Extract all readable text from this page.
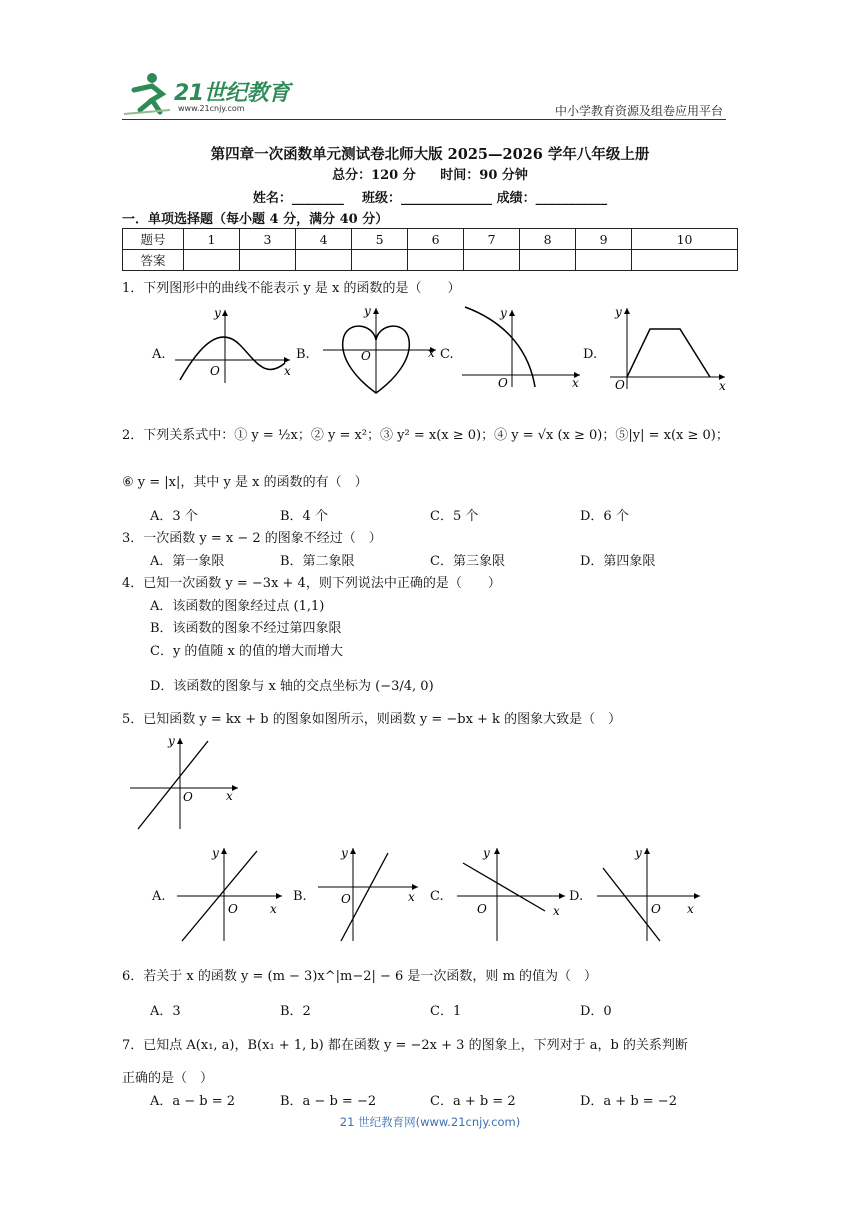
21世纪教育
www.21cnjy.com	中小学教育资源及组卷应用平台
第四章一次函数单元测试卷北师大版 2025—2026 学年八年级上册
总分：120 分 时间：90 分钟
姓名：________ 班级：______________ 成绩：___________
一．单项选择题（每小题 4 分，满分 40 分）
题号	1	3	4	5	6	7	8	9	10
答案									
1．下列图形中的曲线不能表示 y 是 x 的函数的是（　　）
A.	B.	C.	D.
y
x
O
y
x
O
y
x
O
y
x
O
2．下列关系式中：① y = ½x；② y = x²；③ y² = x(x ≥ 0)；④ y = √x (x ≥ 0)；⑤|y| = x(x ≥ 0)；
⑥ y = |x|，其中 y 是 x 的函数的有（　）
A．3 个	B．4 个	C．5 个	D．6 个
3．一次函数 y = x − 2 的图象不经过（　）
A．第一象限	B．第二象限	C．第三象限	D．第四象限
4．已知一次函数 y = −3x + 4，则下列说法中正确的是（　　）
A．该函数的图象经过点 (1,1)
B．该函数的图象不经过第四象限
C．y 的值随 x 的值的增大而增大
D．该函数的图象与 x 轴的交点坐标为 (−3/4, 0)
5．已知函数 y = kx + b 的图象如图所示，则函数 y = −bx + k 的图象大致是（　）
y
x
O
A.	B.	C.	D.
y
x
O
y
x
O
y
x
O
y
x
O
6．若关于 x 的函数 y = (m − 3)x^|m−2| − 6 是一次函数，则 m 的值为（　）
A．3	B．2	C．1	D．0
7．已知点 A(x₁, a)，B(x₁ + 1, b) 都在函数 y = −2x + 3 的图象上，下列对于 a，b 的关系判断
正确的是（　）
A．a − b = 2	B．a − b = −2	C．a + b = 2	D．a + b = −2
21 世纪教育网(www.21cnjy.com)
